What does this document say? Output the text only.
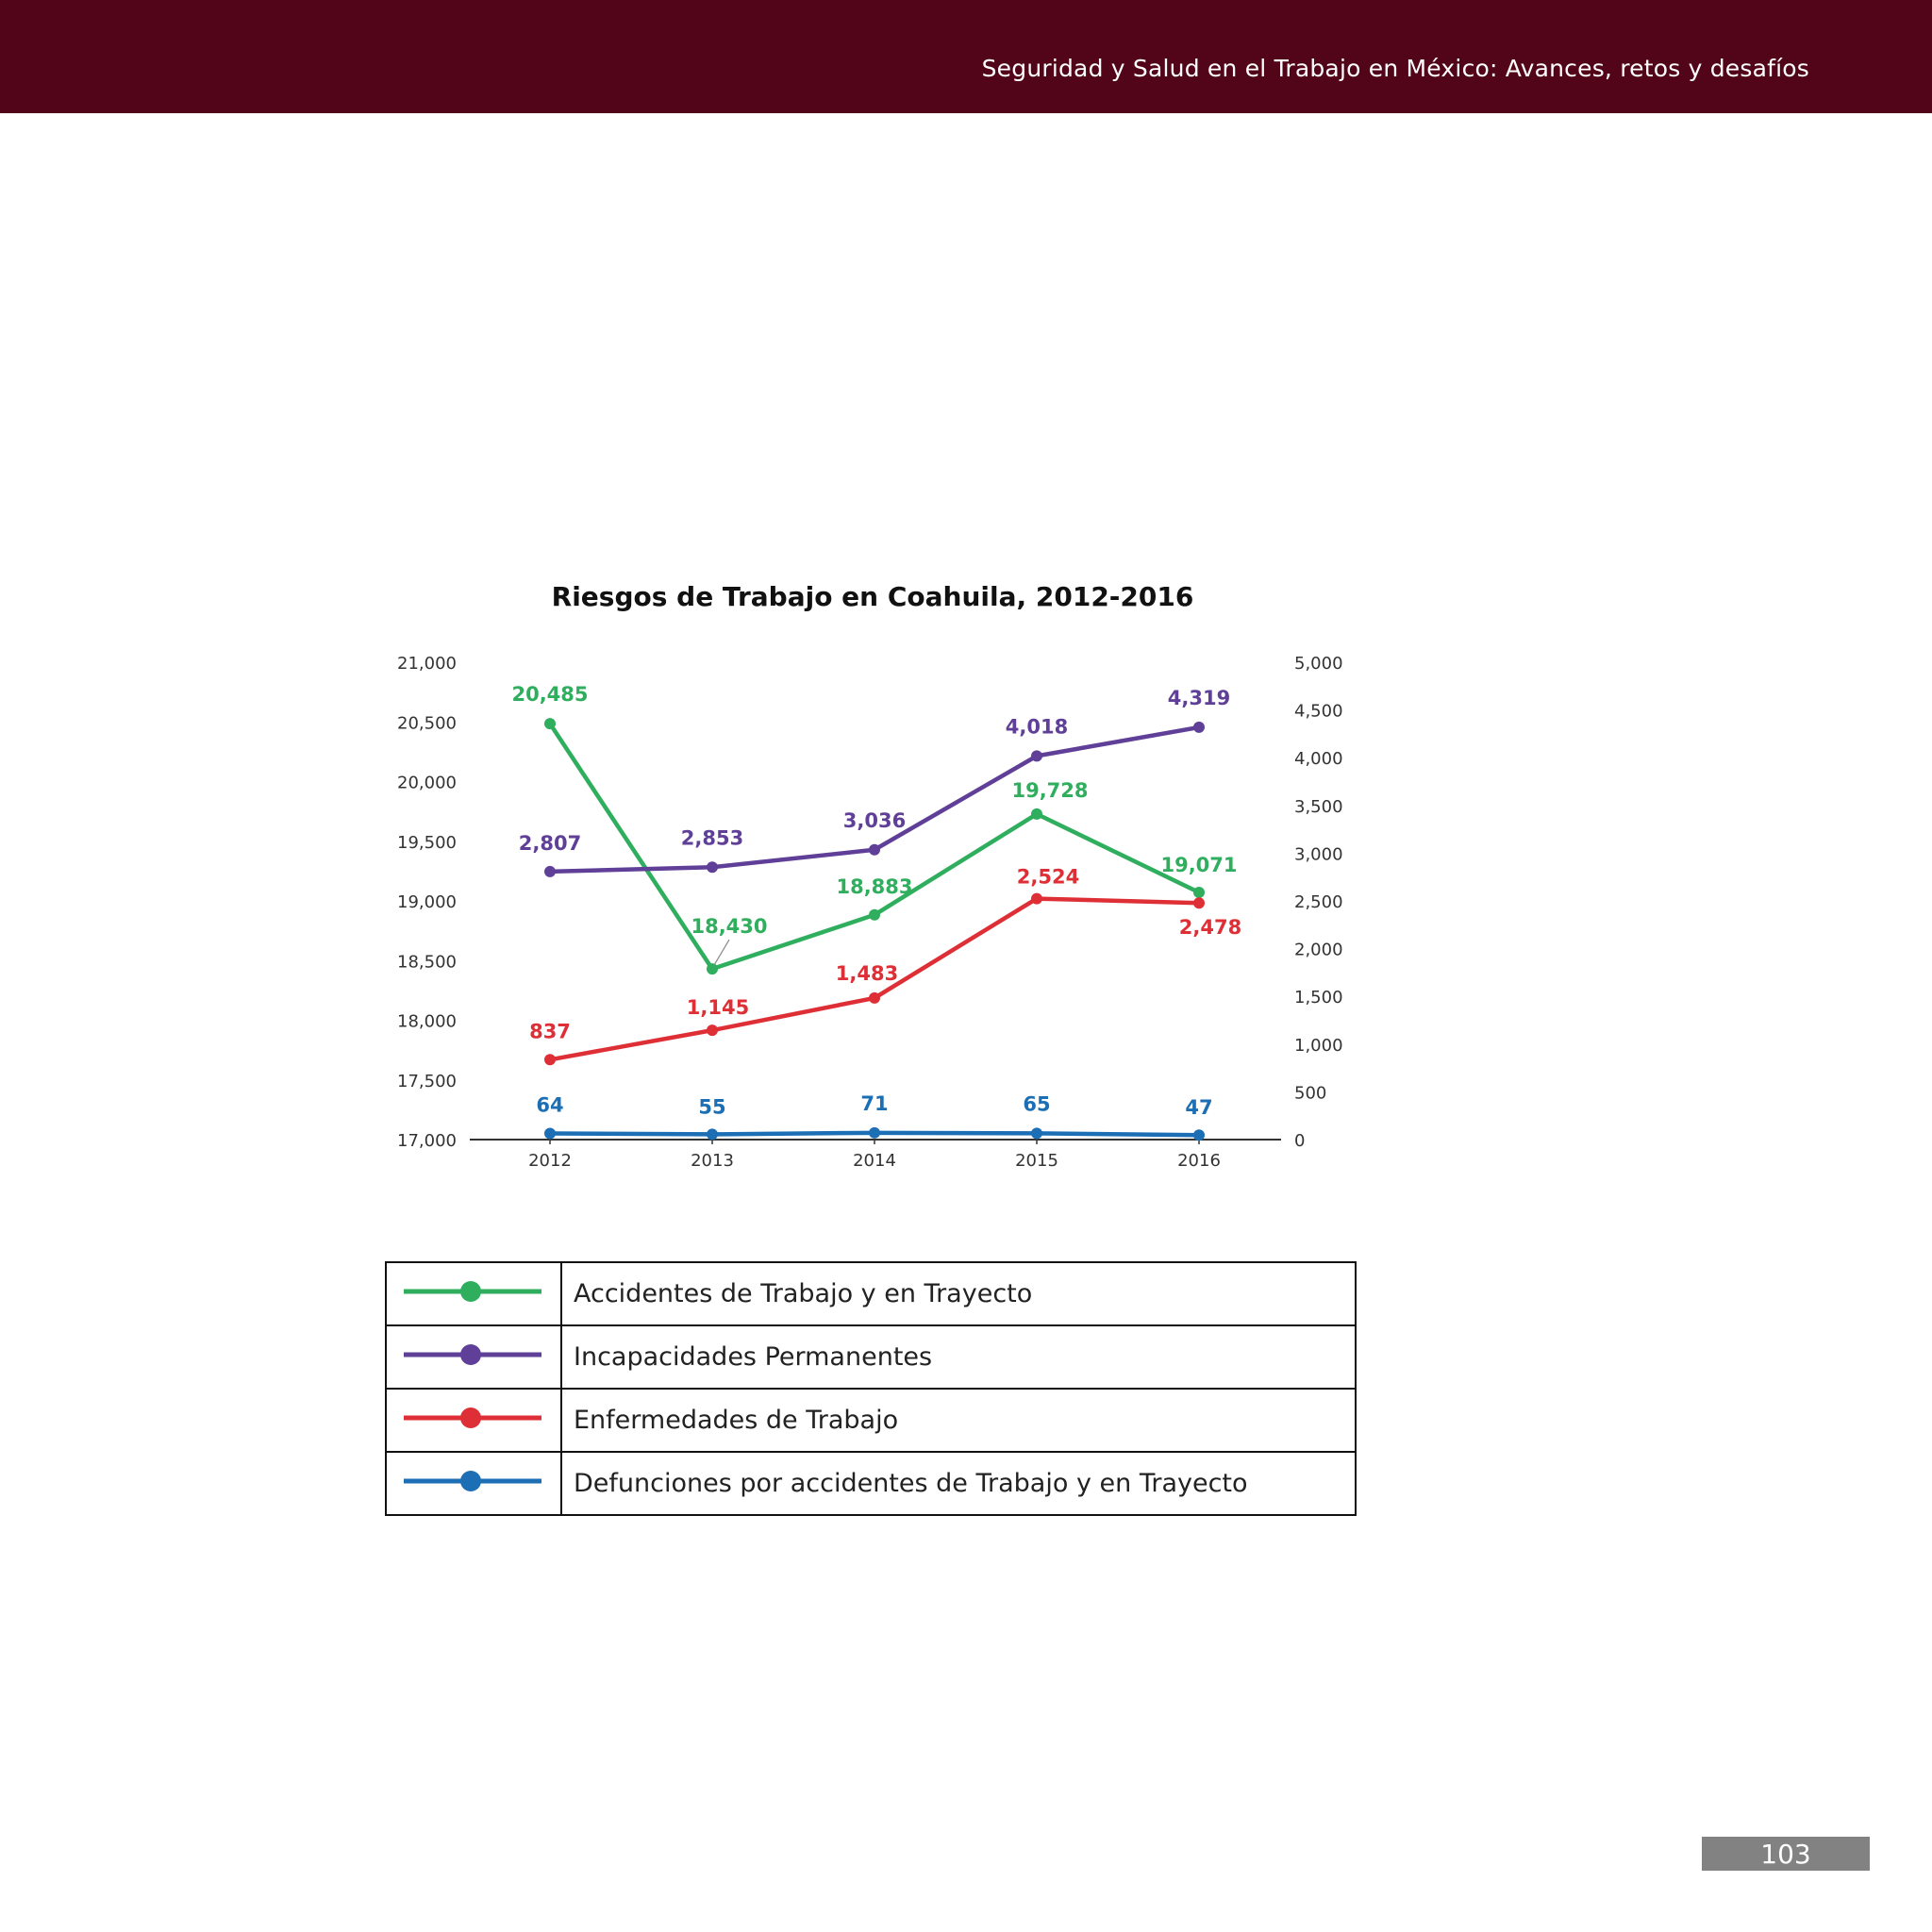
Seguridad y Salud en el Trabajo en México: Avances, retos y desafíos
Riesgos de Trabajo en Coahuila, 2012-2016
21,000
20,500
20,000
19,500
19,000
18,500
18,000
17,500
17,000
5,000
4,500
4,000
3,500
3,000
2,500
2,000
1,500
1,000
500
0
2012	2013	2014	2015	2016
20,485
18,430
18,883
19,728
19,071
2,807	2,853
3,036
4,018
4,319
837
1,145
1,483
2,524
2,478
64	55	71	65	47
	Accidentes de Trabajo y en Trayecto
	Incapacidades Permanentes
	Enfermedades de Trabajo
	Defunciones por accidentes de Trabajo y en Trayecto
103
